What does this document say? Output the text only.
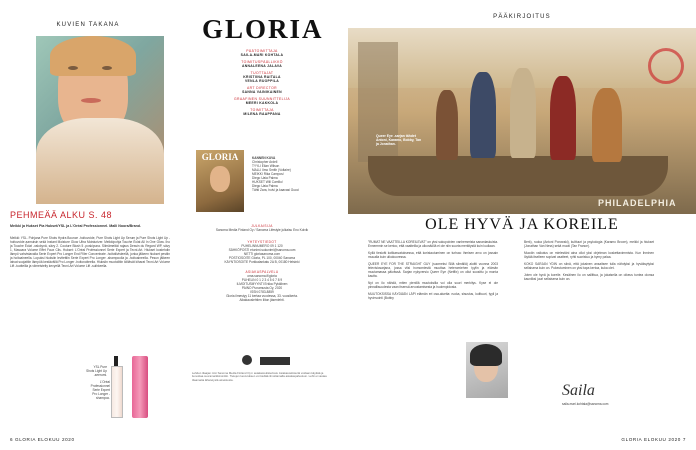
KUVIEN TAKANA
PEHMEÄÄ ALKU S. 48
Meikki ja Hukset Pia Hukset/YSL ja L'Oréal Professionnel. Malli Noora/Brand.
Meikki: YSL. Pohjana Pure Shots Hydra Bounce -hoitovoide, Pure Shots Light Up Serum ja Pure Shots Light Up -hoitovoide aamuisin sekä Instant Moisture Glow Ultra Moisturizer. Meikkipohja Touche Éclat All In One Glow. Iho ja Touche Éclat -valokynä, sävy 2. Couture Blush 5 -poskipuna. Silmämeikki rajaus Dessin du Regard WP, sävy 1, Mascara Volume Effet Faux Cils. Hukset: L'Oréal Professionnel Serie Expert ja Tecni.Art. Hiukset kostehdin lämpö vahvistavalla Serie Expert Pro Longer End Filler Concentrate -hoitotiivisteellä, jonka jälkeen hiukset pestiin ja hoitoaineella. Lopuksi hiuksiin levitettiin Serie Expert Pro Longer -shampoolla ja -hoitoaineella. Pesun jälkeen latvat suojattiin lämpöä kestävällä Pro Longer -hoitovoiteella. Hiuksiin muotoiltiin kiiltävät kiharat Tecni.Art Volume Lift -tuotteilla ja viimeistelty kevyellä Tecni.Art Volume Lift -suihkeella.
YSL Pure Shots Light Up -seerumi.
L'Oréal Professionnel Serie Expert Pro Longer -shampoo.
6 GLORIA ELOKUU 2020
GLORIA
PÄÄTOIMITTAJA
SAILA-MARI KOHTALA
TOIMITUSPÄÄLLIKKÖ
ANNALEENA JALAVA
TUOTTAJAT
KRISTIINA RAITALA
VENLA RUOPPILA
ART DIRECTOR
SANNA VAINIKAINEN
GRAAFINEN SUUNNITTELIJA
MEERI KAKKOLA
TOIMITTAJA
MILENA RAAPPANA
GLORIA	KANNEN KUVA
Christopher Ardell
TYYLI Eilan Wilson
MALLI Ilmo Smith (Voltaire)
MEIKKI Rika Campos/
Diego Uaia Palma
HUKSET Will Carrillo/
Diego Uaia Palma
Tähti Zara, huivi ja kaavasi Gucci
JULKAISIJA
Sanoma Media Finland Oy / Sanoma Lifestyle julkaisu Eno Kolvik
YHTEYSTIEDOT
PUHELINNUMERO 09 1 120
SÄHKÖPOSTI etunimi.sukunimi@sanoma.com
NETTI gloriasanoma.com
POSTIOSOITE Gloria, PL 100, 00040 Sanoma
KÄYNTIOSOITE Porkkalankatu 2A B, 00180 Helsinki
ASIAKASPALVELU
oma.sanoma.fi/gloria
PUHELIN 0 1 2 3 4 5 6 7 8 9
ILMOITUSMYYNTI Erkka Pykälinen
PAINO Punamusta Oy, 2020
ISSN 0783-8859
Gloria ilmestyy 11 kertaa vuodessa, 33. vuosikerta.
Aikakauslehtien liiton jäsenlehti.

Lehden tilaajan nimi Sanoma Media Finland Oy:n asiakasrekisterissä. Asiakasrekisteriä voidaan käyttää ja luovuttaa suoramarkkinointiin. Tietojen luovutuksen voi kieltää ilmoittamalla asiakaspalveluun. Lehti ei vastaa tilaamatta lähetetystä aineistosta.
PÄÄKIRJOITUS
PHILADELPHIA
Queer Eye -sarjan tähdet Antoni, Karamo, Bobby, Tan ja Jonathan.
OLE HYVÄ JA KOREILE

"RUMAT NE VAATTEILLA KOREILEVAT" on yksi sukupolvien vanhemmista sananlaskuista. Ennemmin se kertoo, että vaatteilla ja ulkonäöllä ei ole niin suurta merkitystä kuin luullaan.

Kyllä tiesivät kotikasvatuksessa, että koristautuminen on turhaa: ihmisen arvo on jossain muualla kuin ulkokuoressa.

QUEER EYE FOR THE STRAIGHT GUY (suomeksi Sillä silmällä) aloitti vuonna 2003 televisiosarjana, jossa viisi homomiestä muuttaa heteromiehen tyylin ja elämän muutamassa päivässä. Sarjan nykyversio Queer Eye (Netflix) on ollut suosittu jo monta kautta.

Nyt on ilo nähdä, miten pienillä muutoksilla voi olla suuri merkitys. Kyse ei ole pinnallisuudesta vaan itsensä arvostamisesta ja huolenpidosta.

MUUTOKSISSA KÄYDÄÄN LÄPI elämän eri osa-alueita: ruoka, sisustus, kulttuuri, tyyli ja hyvinvointi (Bobby

Berk), ruoka (Antoni Porowski), kulttuuri ja psykologia (Karamo Brown), meikki ja hiukset (Jonathan Van Ness) sekä muoti (Tan France).

Muodin vaikutus on mielestäni aina ollut yksi ohjelman koskettavimmista. Kun ihminen löytää itselleen sopivat vaatteet, ryhti suoristuu ja hymy palaa.

KOKO SARJAN YDIN on siinä, että jokainen ansaitsee tulla nähdyksi ja hyväksytyksi sellaisena kuin on. Pukeutuminen on yksi tapa kertoa, kuka olet.

Joten ole hyvä ja koreile. Kesäinen ilo on sallittua, ja jokaisella on oikeus tuntea olonsa kauniiksi juuri sellaisena kuin on.

Saila
saila-mari.kohtala@sanoma.com
GLORIA ELOKUU 2020 7
